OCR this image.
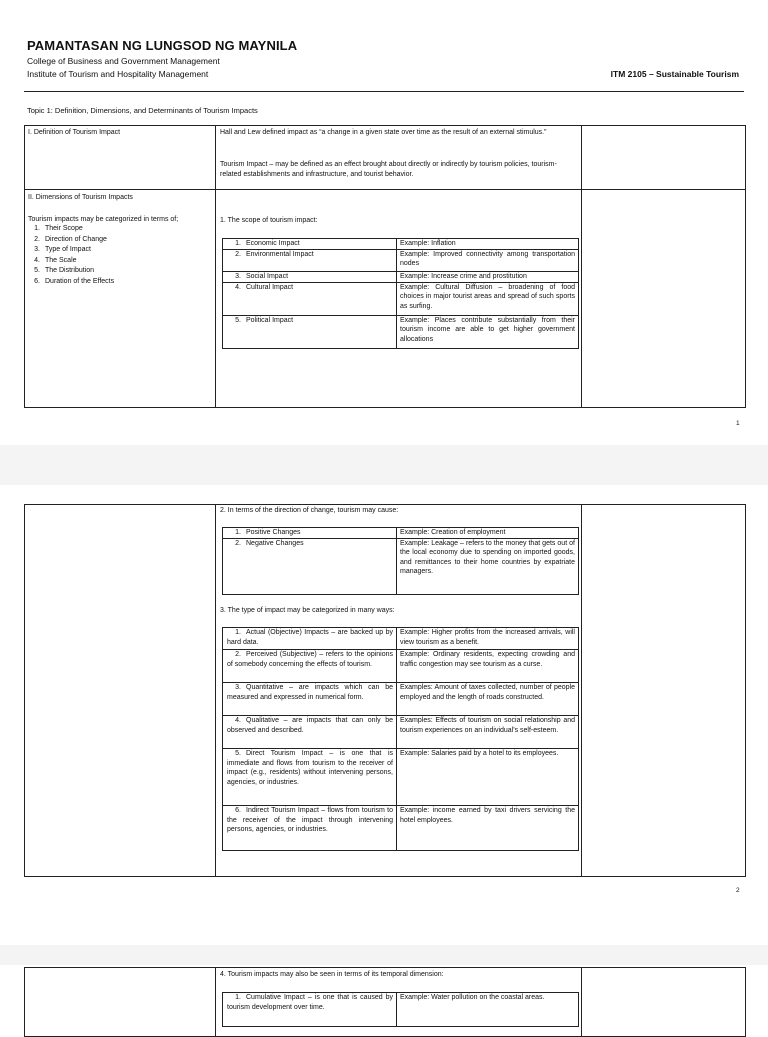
PAMANTASAN NG LUNGSOD NG MAYNILA
College of Business and Government Management
Institute of Tourism and Hospitality Management	ITM 2105 – Sustainable Tourism
Topic 1: Definition, Dimensions, and Determinants of Tourism Impacts
I. Definition of Tourism Impact	Hall and Lew defined impact as “a change in a given state over time as the result of an external stimulus.”
Tourism Impact – may be defined as an effect brought about directly or indirectly by tourism policies, tourism-related establishments and infrastructure, and tourist behavior.
II. Dimensions of Tourism Impacts
Tourism impacts may be categorized in terms of;
1. Their Scope
2. Direction of Change
3. Type of Impact
4. The Scale
5. The Distribution
6. Duration of the Effects
1. The scope of tourism impact:
1. Economic Impact	Example: Inflation
2. Environmental Impact	Example: Improved connectivity among transportation nodes
3. Social Impact	Example: Increase crime and prostitution
4. Cultural Impact	Example: Cultural Diffusion – broadening of food choices in major tourist areas and spread of such sports as surfing.
5. Political Impact	Example: Places contribute substantially from their tourism income are able to get higher government allocations
1
2. In terms of the direction of change, tourism may cause:
1. Positive Changes	Example: Creation of employment
2. Negative Changes	Example: Leakage – refers to the money that gets out of the local economy due to spending on imported goods, and remittances to their home countries by expatriate managers.
3. The type of impact may be categorized in many ways:
1. Actual (Objective) Impacts – are backed up by hard data.	Example: Higher profits from the increased arrivals, will view tourism as a benefit.
2. Perceived (Subjective) – refers to the opinions of somebody concerning the effects of tourism.	Example: Ordinary residents, expecting crowding and traffic congestion may see tourism as a curse.
3. Quantitative – are impacts which can be measured and expressed in numerical form.	Examples: Amount of taxes collected, number of people employed and the length of roads constructed.
4. Qualitative – are impacts that can only be observed and described.	Examples: Effects of tourism on social relationship and tourism experiences on an individual's self-esteem.
5. Direct Tourism Impact – is one that is immediate and flows from tourism to the receiver of impact (e.g., residents) without intervening persons, agencies, or industries.	Example: Salaries paid by a hotel to its employees.
6. Indirect Tourism Impact – flows from tourism to the receiver of the impact through intervening persons, agencies, or industries.	Example: income earned by taxi drivers servicing the hotel employees.
2
4. Tourism impacts may also be seen in terms of its temporal dimension:
1. Cumulative Impact – is one that is caused by tourism development over time.	Example: Water pollution on the coastal areas.
